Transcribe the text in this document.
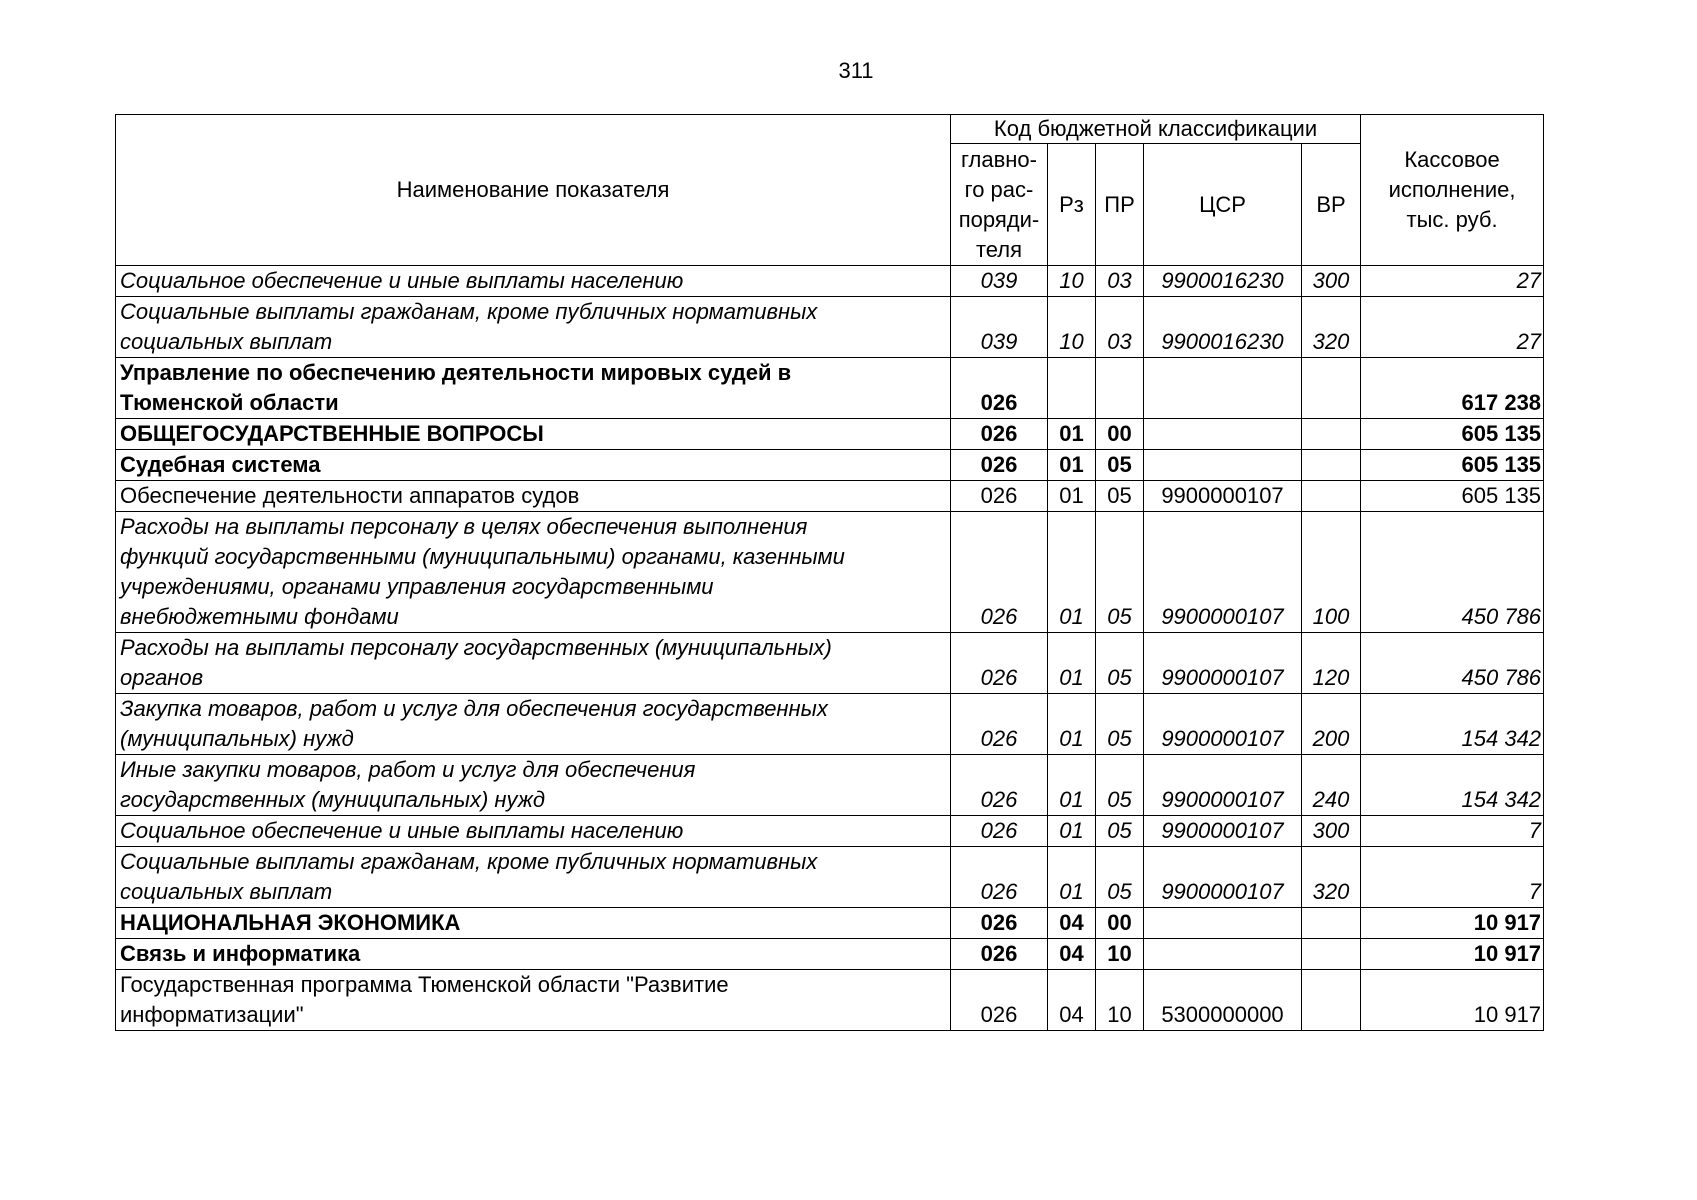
311
Наименование показателя	Код бюджетной классификации					Кассовое
исполнение,
тыс. руб.

	главно-
го рас-
поряди-
теля	Рз	ПР	ЦСР	ВР	

Социальное обеспечение и иные выплаты населению	039	10	03	9900016230	300	27

Социальные выплаты гражданам, кроме публичных нормативных
социальных выплат	039	10	03	9900016230	320	27

Управление по обеспечению деятельности мировых судей в
Тюменской области	026					617 238

ОБЩЕГОСУДАРСТВЕННЫЕ ВОПРОСЫ	026	01	00			605 135

Судебная система	026	01	05			605 135

Обеспечение деятельности аппаратов судов	026	01	05	9900000107		605 135

Расходы на выплаты персоналу в целях обеспечения выполнения
функций государственными (муниципальными) органами, казенными
учреждениями, органами управления государственными
внебюджетными фондами	026	01	05	9900000107	100	450 786

Расходы на выплаты персоналу государственных (муниципальных)
органов	026	01	05	9900000107	120	450 786

Закупка товаров, работ и услуг для обеспечения государственных
(муниципальных) нужд	026	01	05	9900000107	200	154 342

Иные закупки товаров, работ и услуг для обеспечения
государственных (муниципальных) нужд	026	01	05	9900000107	240	154 342

Социальное обеспечение и иные выплаты населению	026	01	05	9900000107	300	7

Социальные выплаты гражданам, кроме публичных нормативных
социальных выплат	026	01	05	9900000107	320	7

НАЦИОНАЛЬНАЯ ЭКОНОМИКА	026	04	00			10 917

Связь и информатика	026	04	10			10 917

Государственная программа Тюменской области "Развитие
информатизации"	026	04	10	5300000000		10 917
